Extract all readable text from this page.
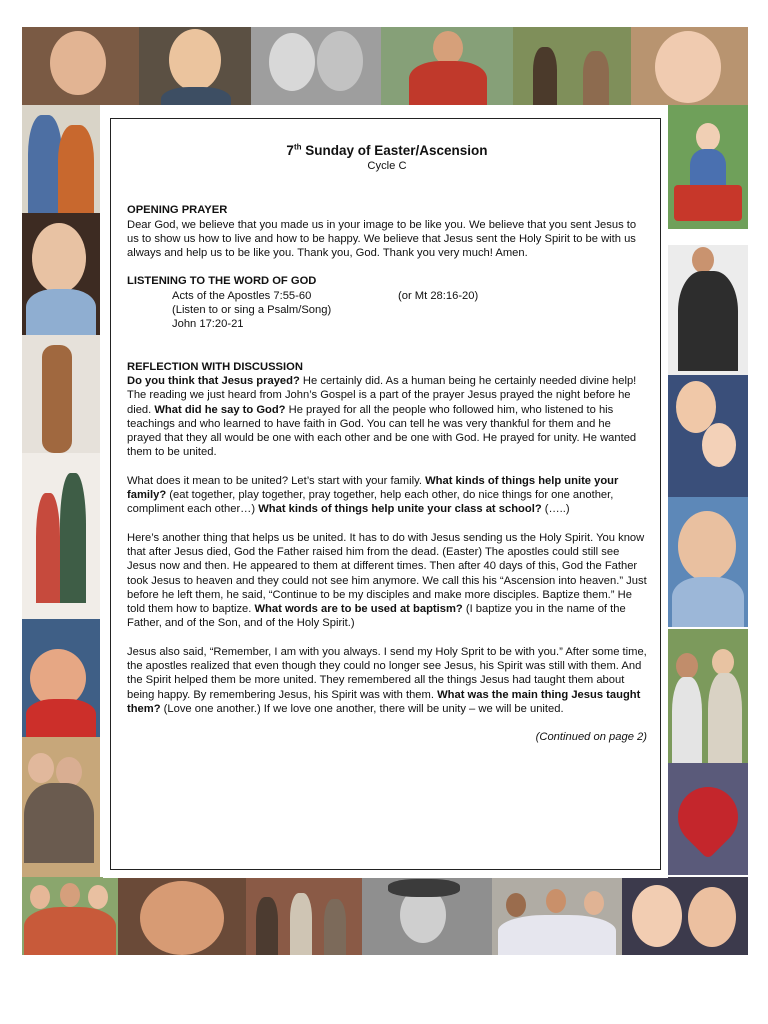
7th Sunday of Easter/Ascension
Cycle C
OPENING PRAYER

Dear God, we believe that you made us in your image to be like you. We believe that you sent Jesus to us to show us how to live and how to be happy. We believe that Jesus sent the Holy Spirit to be with us always and help us to be like you. Thank you, God. Thank you very much! Amen.

LISTENING TO THE WORD OF GOD
Acts of the Apostles 7:55-60	(or Mt 28:16-20)
(Listen to or sing a Psalm/Song)
John 17:20-21
REFLECTION WITH DISCUSSION

Do you think that Jesus prayed? He certainly did. As a human being he certainly needed divine help! The reading we just heard from John’s Gospel is a part of the prayer Jesus prayed the night before he died. What did he say to God? He prayed for all the people who followed him, who listened to his teachings and who learned to have faith in God. You can tell he was very thankful for them and he prayed that they all would be one with each other and be one with God. He prayed for unity. He wanted them to be united.

What does it mean to be united? Let’s start with your family. What kinds of things help unite your family? (eat together, play together, pray together, help each other, do nice things for one another, compliment each other…) What kinds of things help unite your class at school? (…..)

Here’s another thing that helps us be united. It has to do with Jesus sending us the Holy Spirit. You know that after Jesus died, God the Father raised him from the dead. (Easter) The apostles could still see Jesus now and then. He appeared to them at different times. Then after 40 days of this, God the Father took Jesus to heaven and they could not see him anymore. We call this his “Ascension into heaven.” Just before he left them, he said, “Continue to be my disciples and make more disciples. Baptize them.” He told them how to baptize. What words are to be used at baptism? (I baptize you in the name of the Father, and of the Son, and of the Holy Spirit.)

Jesus also said, “Remember, I am with you always. I send my Holy Sprit to be with you.” After some time, the apostles realized that even though they could no longer see Jesus, his Spirit was still with them. And the Spirit helped them be more united. They remembered all the things Jesus had taught them about being happy. By remembering Jesus, his Spirit was with them. What was the main thing Jesus taught them? (Love one another.) If we love one another, there will be unity – we will be united.

(Continued on page 2)
